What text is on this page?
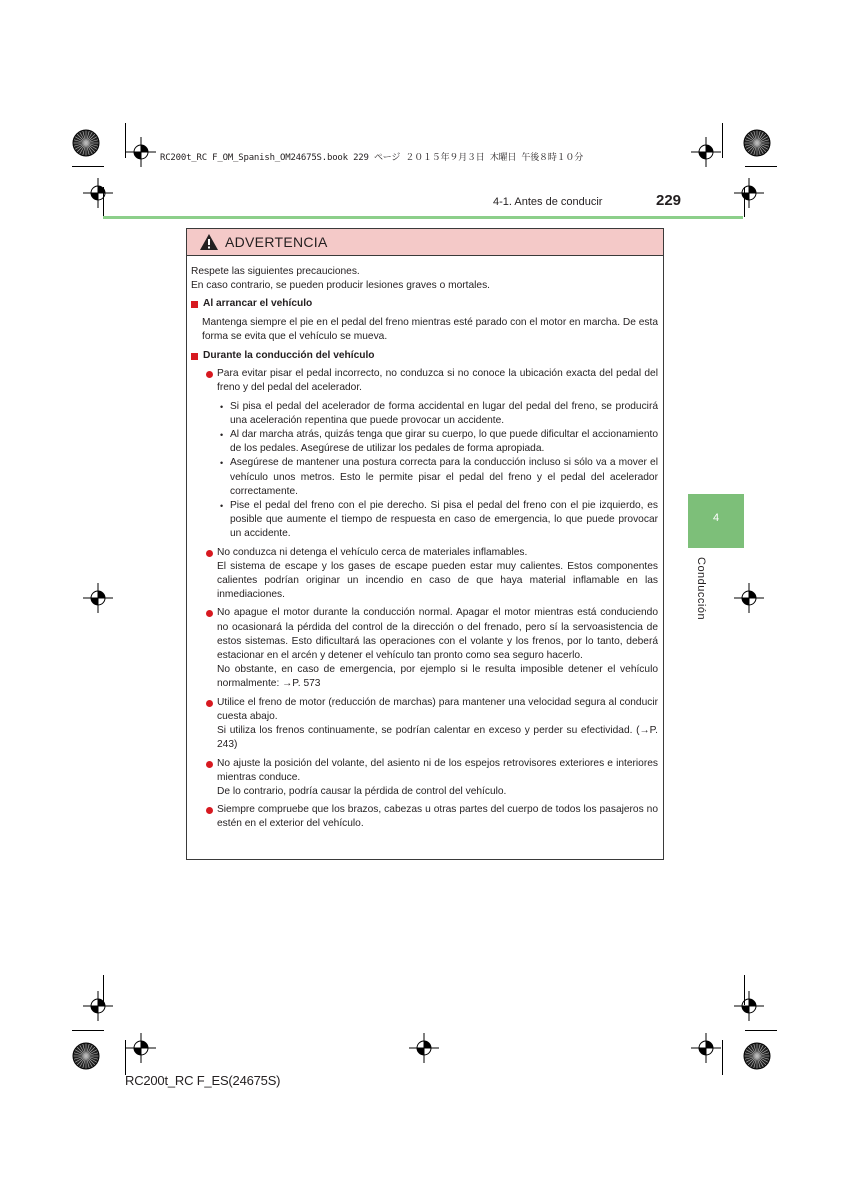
RC200t_RC F_OM_Spanish_OM24675S.book 229 ページ ２０１５年９月３日 木曜日 午後８時１０分
4-1. Antes de conducir	229
4
Conducción
ADVERTENCIA

Respete las siguientes precauciones.

En caso contrario, se pueden producir lesiones graves o mortales.

Al arrancar el vehículo

Mantenga siempre el pie en el pedal del freno mientras esté parado con el motor en marcha. De esta forma se evita que el vehículo se mueva.

Durante la conducción del vehículo
Para evitar pisar el pedal incorrecto, no conduzca si no conoce la ubicación exacta del pedal del freno y del pedal del acelerador.
• Si pisa el pedal del acelerador de forma accidental en lugar del pedal del freno, se producirá una aceleración repentina que puede provocar un accidente.
• Al dar marcha atrás, quizás tenga que girar su cuerpo, lo que puede dificultar el accionamiento de los pedales. Asegúrese de utilizar los pedales de forma apropiada.
• Asegúrese de mantener una postura correcta para la conducción incluso si sólo va a mover el vehículo unos metros. Esto le permite pisar el pedal del freno y el pedal del acelerador correctamente.
• Pise el pedal del freno con el pie derecho. Si pisa el pedal del freno con el pie izquierdo, es posible que aumente el tiempo de respuesta en caso de emergencia, lo que puede provocar un accidente.
No conduzca ni detenga el vehículo cerca de materiales inflamables.
El sistema de escape y los gases de escape pueden estar muy calientes. Estos componentes calientes podrían originar un incendio en caso de que haya material inflamable en las inmediaciones.
No apague el motor durante la conducción normal. Apagar el motor mientras está conduciendo no ocasionará la pérdida del control de la dirección o del frenado, pero sí la servoasistencia de estos sistemas. Esto dificultará las operaciones con el volante y los frenos, por lo tanto, deberá estacionar en el arcén y detener el vehículo tan pronto como sea seguro hacerlo.
No obstante, en caso de emergencia, por ejemplo si le resulta imposible detener el vehículo normalmente: →P. 573
Utilice el freno de motor (reducción de marchas) para mantener una velocidad segura al conducir cuesta abajo.
Si utiliza los frenos continuamente, se podrían calentar en exceso y perder su efectividad. (→P. 243)
No ajuste la posición del volante, del asiento ni de los espejos retrovisores exteriores e interiores mientras conduce.
De lo contrario, podría causar la pérdida de control del vehículo.
Siempre compruebe que los brazos, cabezas u otras partes del cuerpo de todos los pasajeros no estén en el exterior del vehículo.
RC200t_RC F_ES(24675S)
